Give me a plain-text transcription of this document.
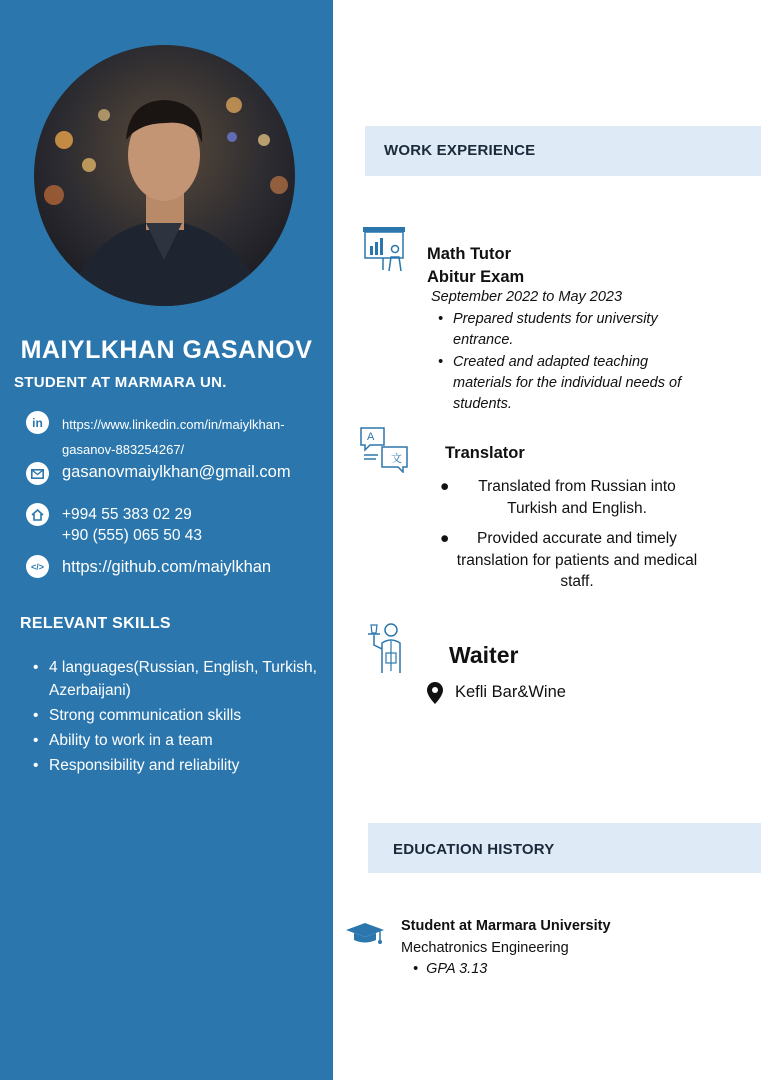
MAIYLKHAN GASANOV
STUDENT AT MARMARA UN.
in https://www.linkedin.com/in/maiylkhan-
gasanov-883254267/
gasanovmaiylkhan@gmail.com
+994 55 383 02 29
+90 (555) 065 50 43
</> https://github.com/maiylkhan
RELEVANT SKILLS
• 4 languages(Russian, English, Turkish, Azerbaijani)
• Strong communication skills
• Ability to work in a team
• Responsibility and reliability
WORK EXPERIENCE
Math Tutor
Abitur Exam
September 2022 to May 2023
• Prepared students for university entrance.
• Created and adapted teaching materials for the individual needs of students.
A
文	Translator
● Translated from Russian into Turkish and English.
● Provided accurate and timely translation for patients and medical staff.
Waiter
Kefli Bar&Wine
EDUCATION HISTORY
Student at Marmara University
Mechatronics Engineering
• GPA 3.13
